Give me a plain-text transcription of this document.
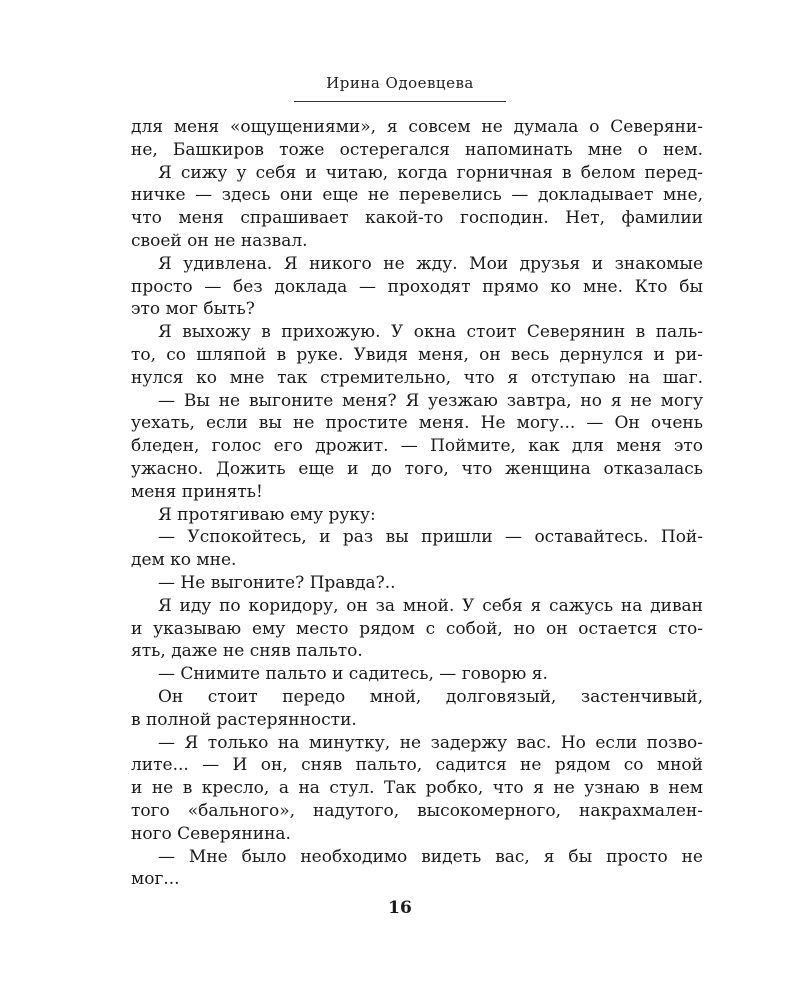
Ирина Одоевцева
для меня «ощущениями», я совсем не думала о Северяни-
не, Башкиров тоже остерегался напоминать мне о нем.
Я сижу у себя и читаю, когда горничная в белом перед-
ничке — здесь они еще не перевелись — докладывает мне,
что меня спрашивает какой-то господин. Нет, фамилии
своей он не назвал.
Я удивлена. Я никого не жду. Мои друзья и знакомые
просто — без доклада — проходят прямо ко мне. Кто бы
это мог быть?
Я выхожу в прихожую. У окна стоит Северянин в паль-
то, со шляпой в руке. Увидя меня, он весь дернулся и ри-
нулся ко мне так стремительно, что я отступаю на шаг.
— Вы не выгоните меня? Я уезжаю завтра, но я не могу
уехать, если вы не простите меня. Не могу... — Он очень
бледен, голос его дрожит. — Поймите, как для меня это
ужасно. Дожить еще и до того, что женщина отказалась
меня принять!
Я протягиваю ему руку:
— Успокойтесь, и раз вы пришли — оставайтесь. Пой-
дем ко мне.
— Не выгоните? Правда?..
Я иду по коридору, он за мной. У себя я сажусь на диван
и указываю ему место рядом с собой, но он остается сто-
ять, даже не сняв пальто.
— Снимите пальто и садитесь, — говорю я.
Он стоит передо мной, долговязый, застенчивый,
в полной растерянности.
— Я только на минутку, не задержу вас. Но если позво-
лите... — И он, сняв пальто, садится не рядом со мной
и не в кресло, а на стул. Так робко, что я не узнаю в нем
того «бального», надутого, высокомерного, накрахмален-
ного Северянина.
— Мне было необходимо видеть вас, я бы просто не
мог...
16
